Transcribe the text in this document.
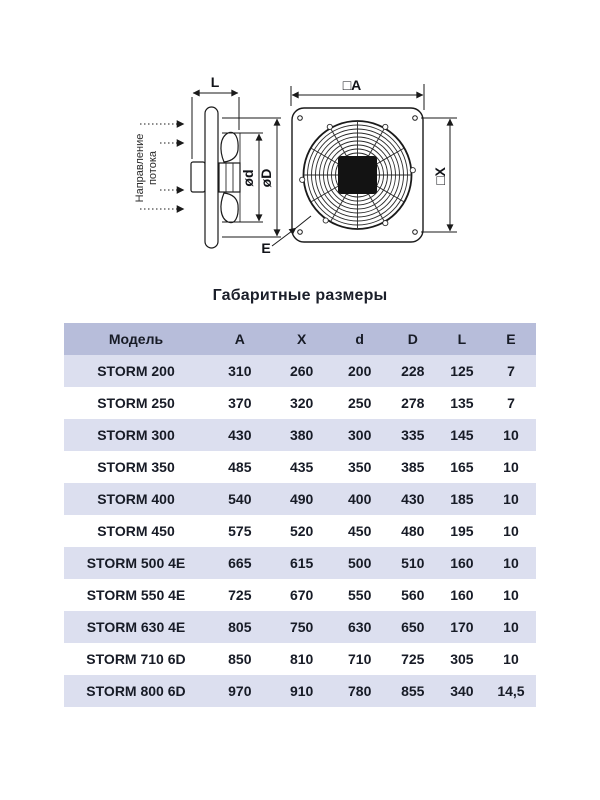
Направление потока
L
ød øD
□A
□X
E
Габаритные размеры
Модель	A	X	d	D	L	E
STORM 200	310	260	200	228	125	7
STORM 250	370	320	250	278	135	7
STORM 300	430	380	300	335	145	10
STORM 350	485	435	350	385	165	10
STORM 400	540	490	400	430	185	10
STORM 450	575	520	450	480	195	10
STORM 500 4E	665	615	500	510	160	10
STORM 550 4E	725	670	550	560	160	10
STORM 630 4E	805	750	630	650	170	10
STORM 710 6D	850	810	710	725	305	10
STORM 800 6D	970	910	780	855	340	14,5
